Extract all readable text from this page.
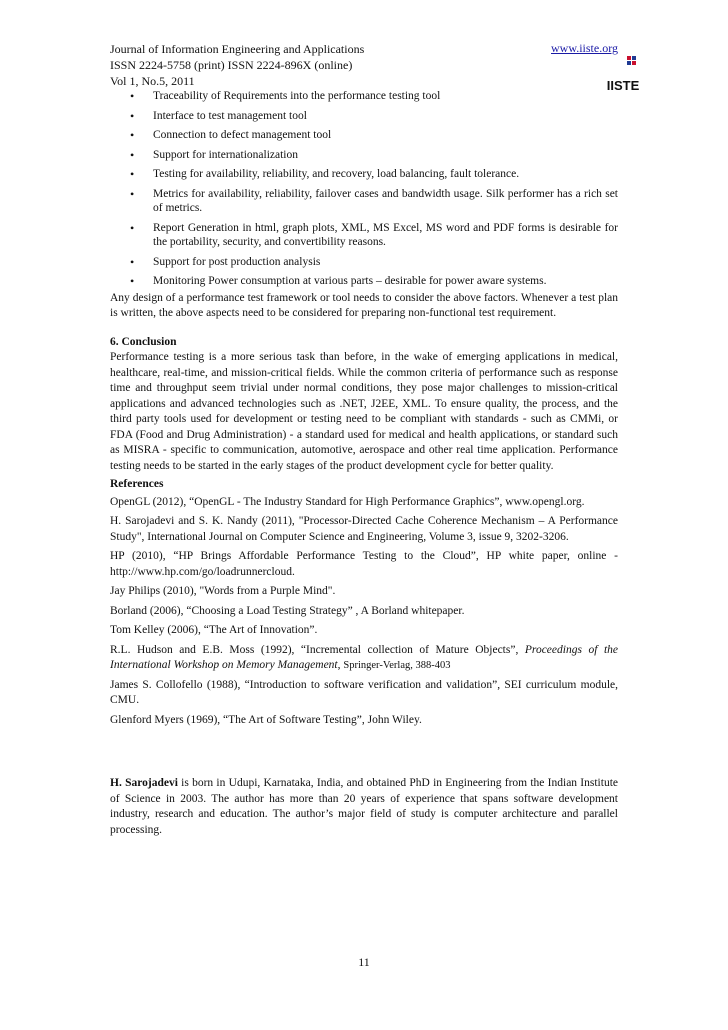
www.iiste.org
IISTE

Journal of Information Engineering and Applications

ISSN 2224-5758 (print) ISSN 2224-896X (online)

Vol 1, No.5, 2011

• Traceability of Requirements into the performance testing tool
• Interface to test management tool
• Connection to defect management tool
• Support for internationalization
• Testing for availability, reliability, and recovery, load balancing, fault tolerance.
• Metrics for availability, reliability, failover cases and bandwidth usage. Silk performer has a rich set of metrics.
• Report Generation in html, graph plots, XML, MS Excel, MS word and PDF forms is desirable for the portability, security, and convertibility reasons.
• Support for post production analysis
• Monitoring Power consumption at various parts – desirable for power aware systems.

Any design of a performance test framework or tool needs to consider the above factors. Whenever a test plan is written, the above aspects need to be considered for preparing non-functional test requirement.

6. Conclusion

Performance testing is a more serious task than before, in the wake of emerging applications in medical, healthcare, real-time, and mission-critical fields. While the common criteria of performance such as response time and throughput seem trivial under normal conditions, they pose major challenges to mission-critical applications and advanced technologies such as .NET, J2EE, XML. To ensure quality, the process, and the third party tools used for development or testing need to be compliant with standards - such as CMMi, or FDA (Food and Drug Administration) - a standard used for medical and health applications, or standard such as MISRA - specific to communication, automotive, aerospace and other real time application. Performance testing needs to be started in the early stages of the product development cycle for better quality.

References

OpenGL (2012), “OpenGL - The Industry Standard for High Performance Graphics”, www.opengl.org.

H. Sarojadevi and S. K. Nandy (2011), "Processor-Directed Cache Coherence Mechanism – A Performance Study", International Journal on Computer Science and Engineering, Volume 3, issue 9, 3202-3206.

HP (2010), “HP Brings Affordable Performance Testing to the Cloud”, HP white paper, online - http://www.hp.com/go/loadrunnercloud.

Jay Philips (2010), "Words from a Purple Mind".

Borland (2006), “Choosing a Load Testing Strategy” , A Borland whitepaper.

Tom Kelley (2006), “The Art of Innovation”.

R.L. Hudson and E.B. Moss (1992), “Incremental collection of Mature Objects”, Proceedings of the International Workshop on Memory Management, Springer-Verlag, 388-403

James S. Collofello (1988), “Introduction to software verification and validation”, SEI curriculum module, CMU.

Glenford Myers (1969), “The Art of Software Testing”, John Wiley.

H. Sarojadevi is born in Udupi, Karnataka, India, and obtained PhD in Engineering from the Indian Institute of Science in 2003. The author has more than 20 years of experience that spans software development industry, research and education. The author’s major field of study is computer architecture and parallel processing.

11
